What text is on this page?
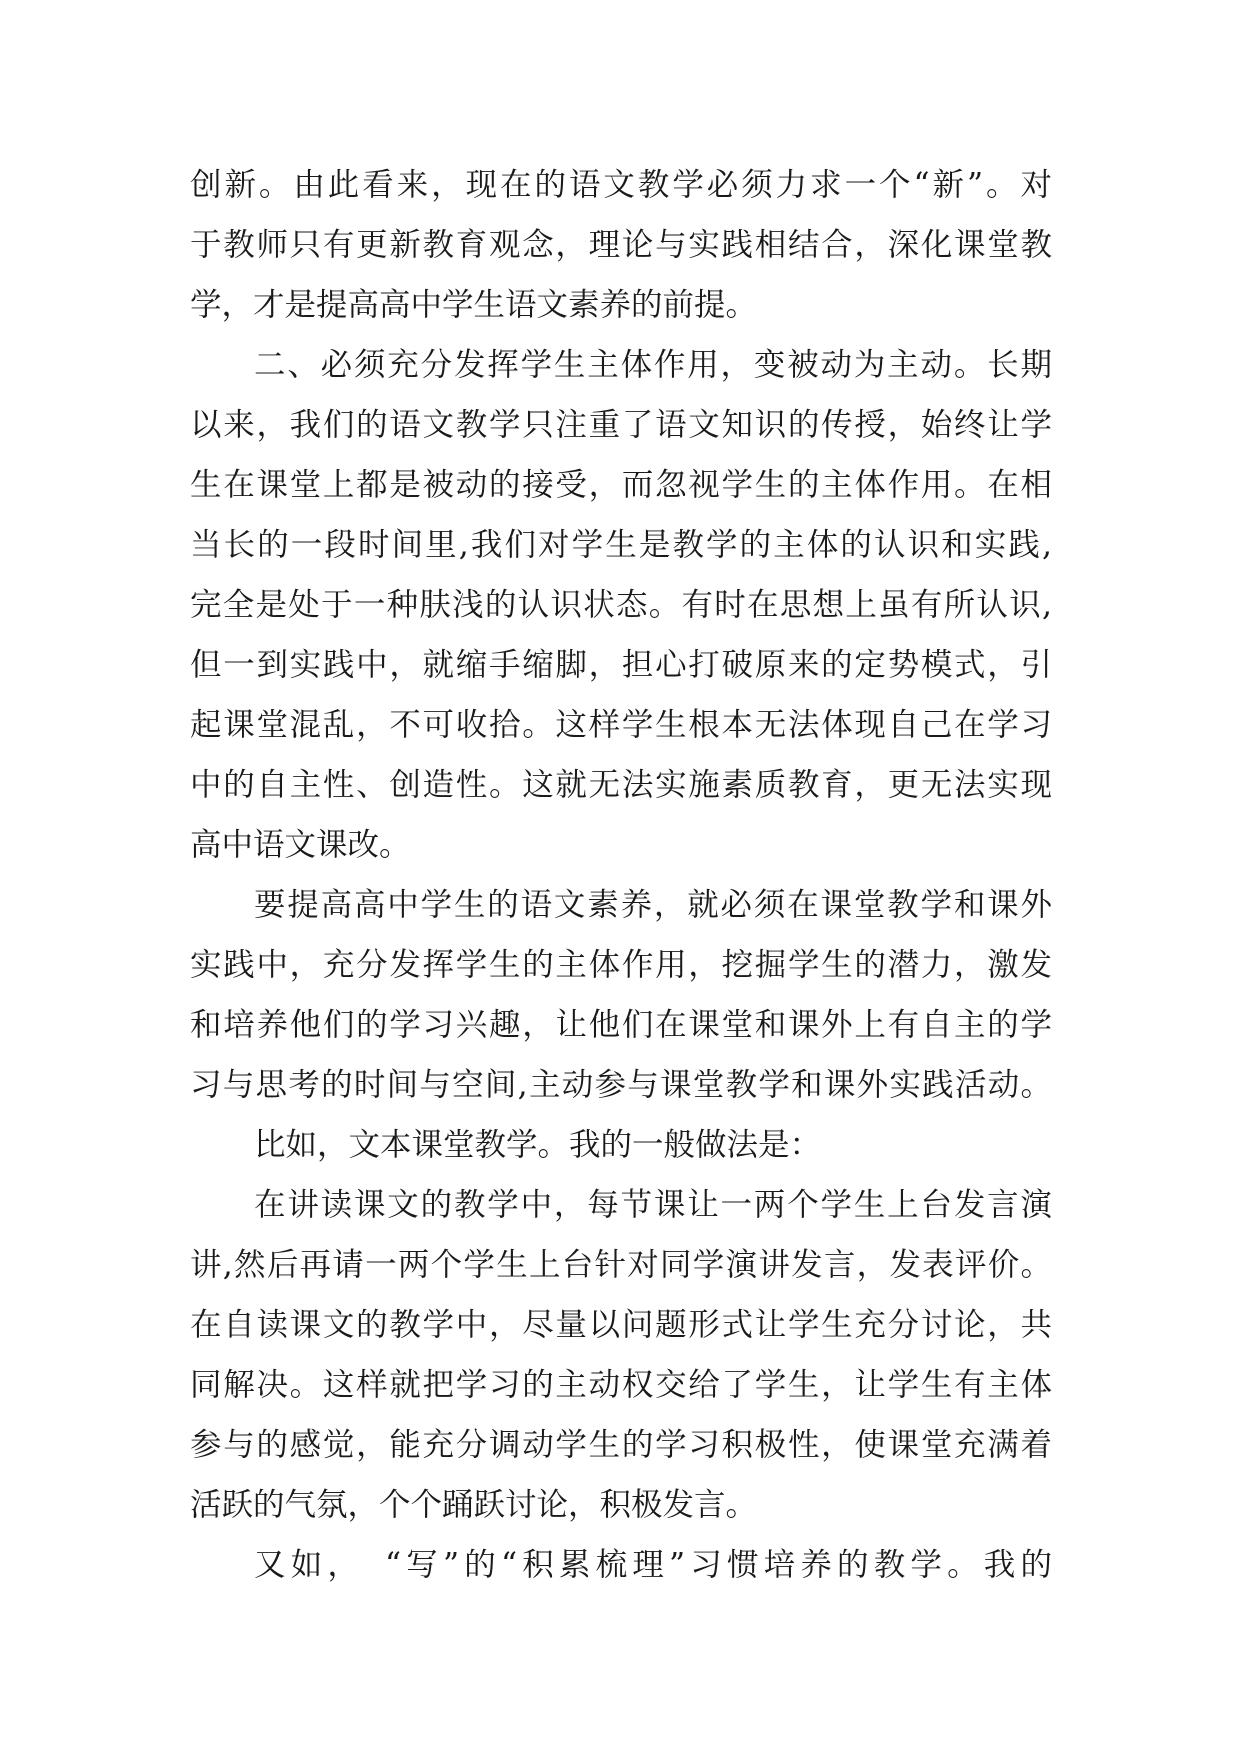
创新。由此看来，现在的语文教学必须力求一个“新”。对
于教师只有更新教育观念，理论与实践相结合，深化课堂教
学，才是提高高中学生语文素养的前提。
二、必须充分发挥学生主体作用，变被动为主动。长期
以来，我们的语文教学只注重了语文知识的传授，始终让学
生在课堂上都是被动的接受，而忽视学生的主体作用。在相
当长的一段时间里,我们对学生是教学的主体的认识和实践,
完全是处于一种肤浅的认识状态。有时在思想上虽有所认识,
但一到实践中，就缩手缩脚，担心打破原来的定势模式，引
起课堂混乱，不可收拾。这样学生根本无法体现自己在学习
中的自主性、创造性。这就无法实施素质教育，更无法实现
高中语文课改。
要提高高中学生的语文素养，就必须在课堂教学和课外
实践中，充分发挥学生的主体作用，挖掘学生的潜力，激发
和培养他们的学习兴趣，让他们在课堂和课外上有自主的学
习与思考的时间与空间,主动参与课堂教学和课外实践活动。
比如，文本课堂教学。我的一般做法是：
在讲读课文的教学中，每节课让一两个学生上台发言演
讲,然后再请一两个学生上台针对同学演讲发言，发表评价。
在自读课文的教学中，尽量以问题形式让学生充分讨论，共
同解决。这样就把学习的主动权交给了学生，让学生有主体
参与的感觉，能充分调动学生的学习积极性，使课堂充满着
活跃的气氛，个个踊跃讨论，积极发言。
又如，　“写”的“积累梳理”习惯培养的教学。我的
